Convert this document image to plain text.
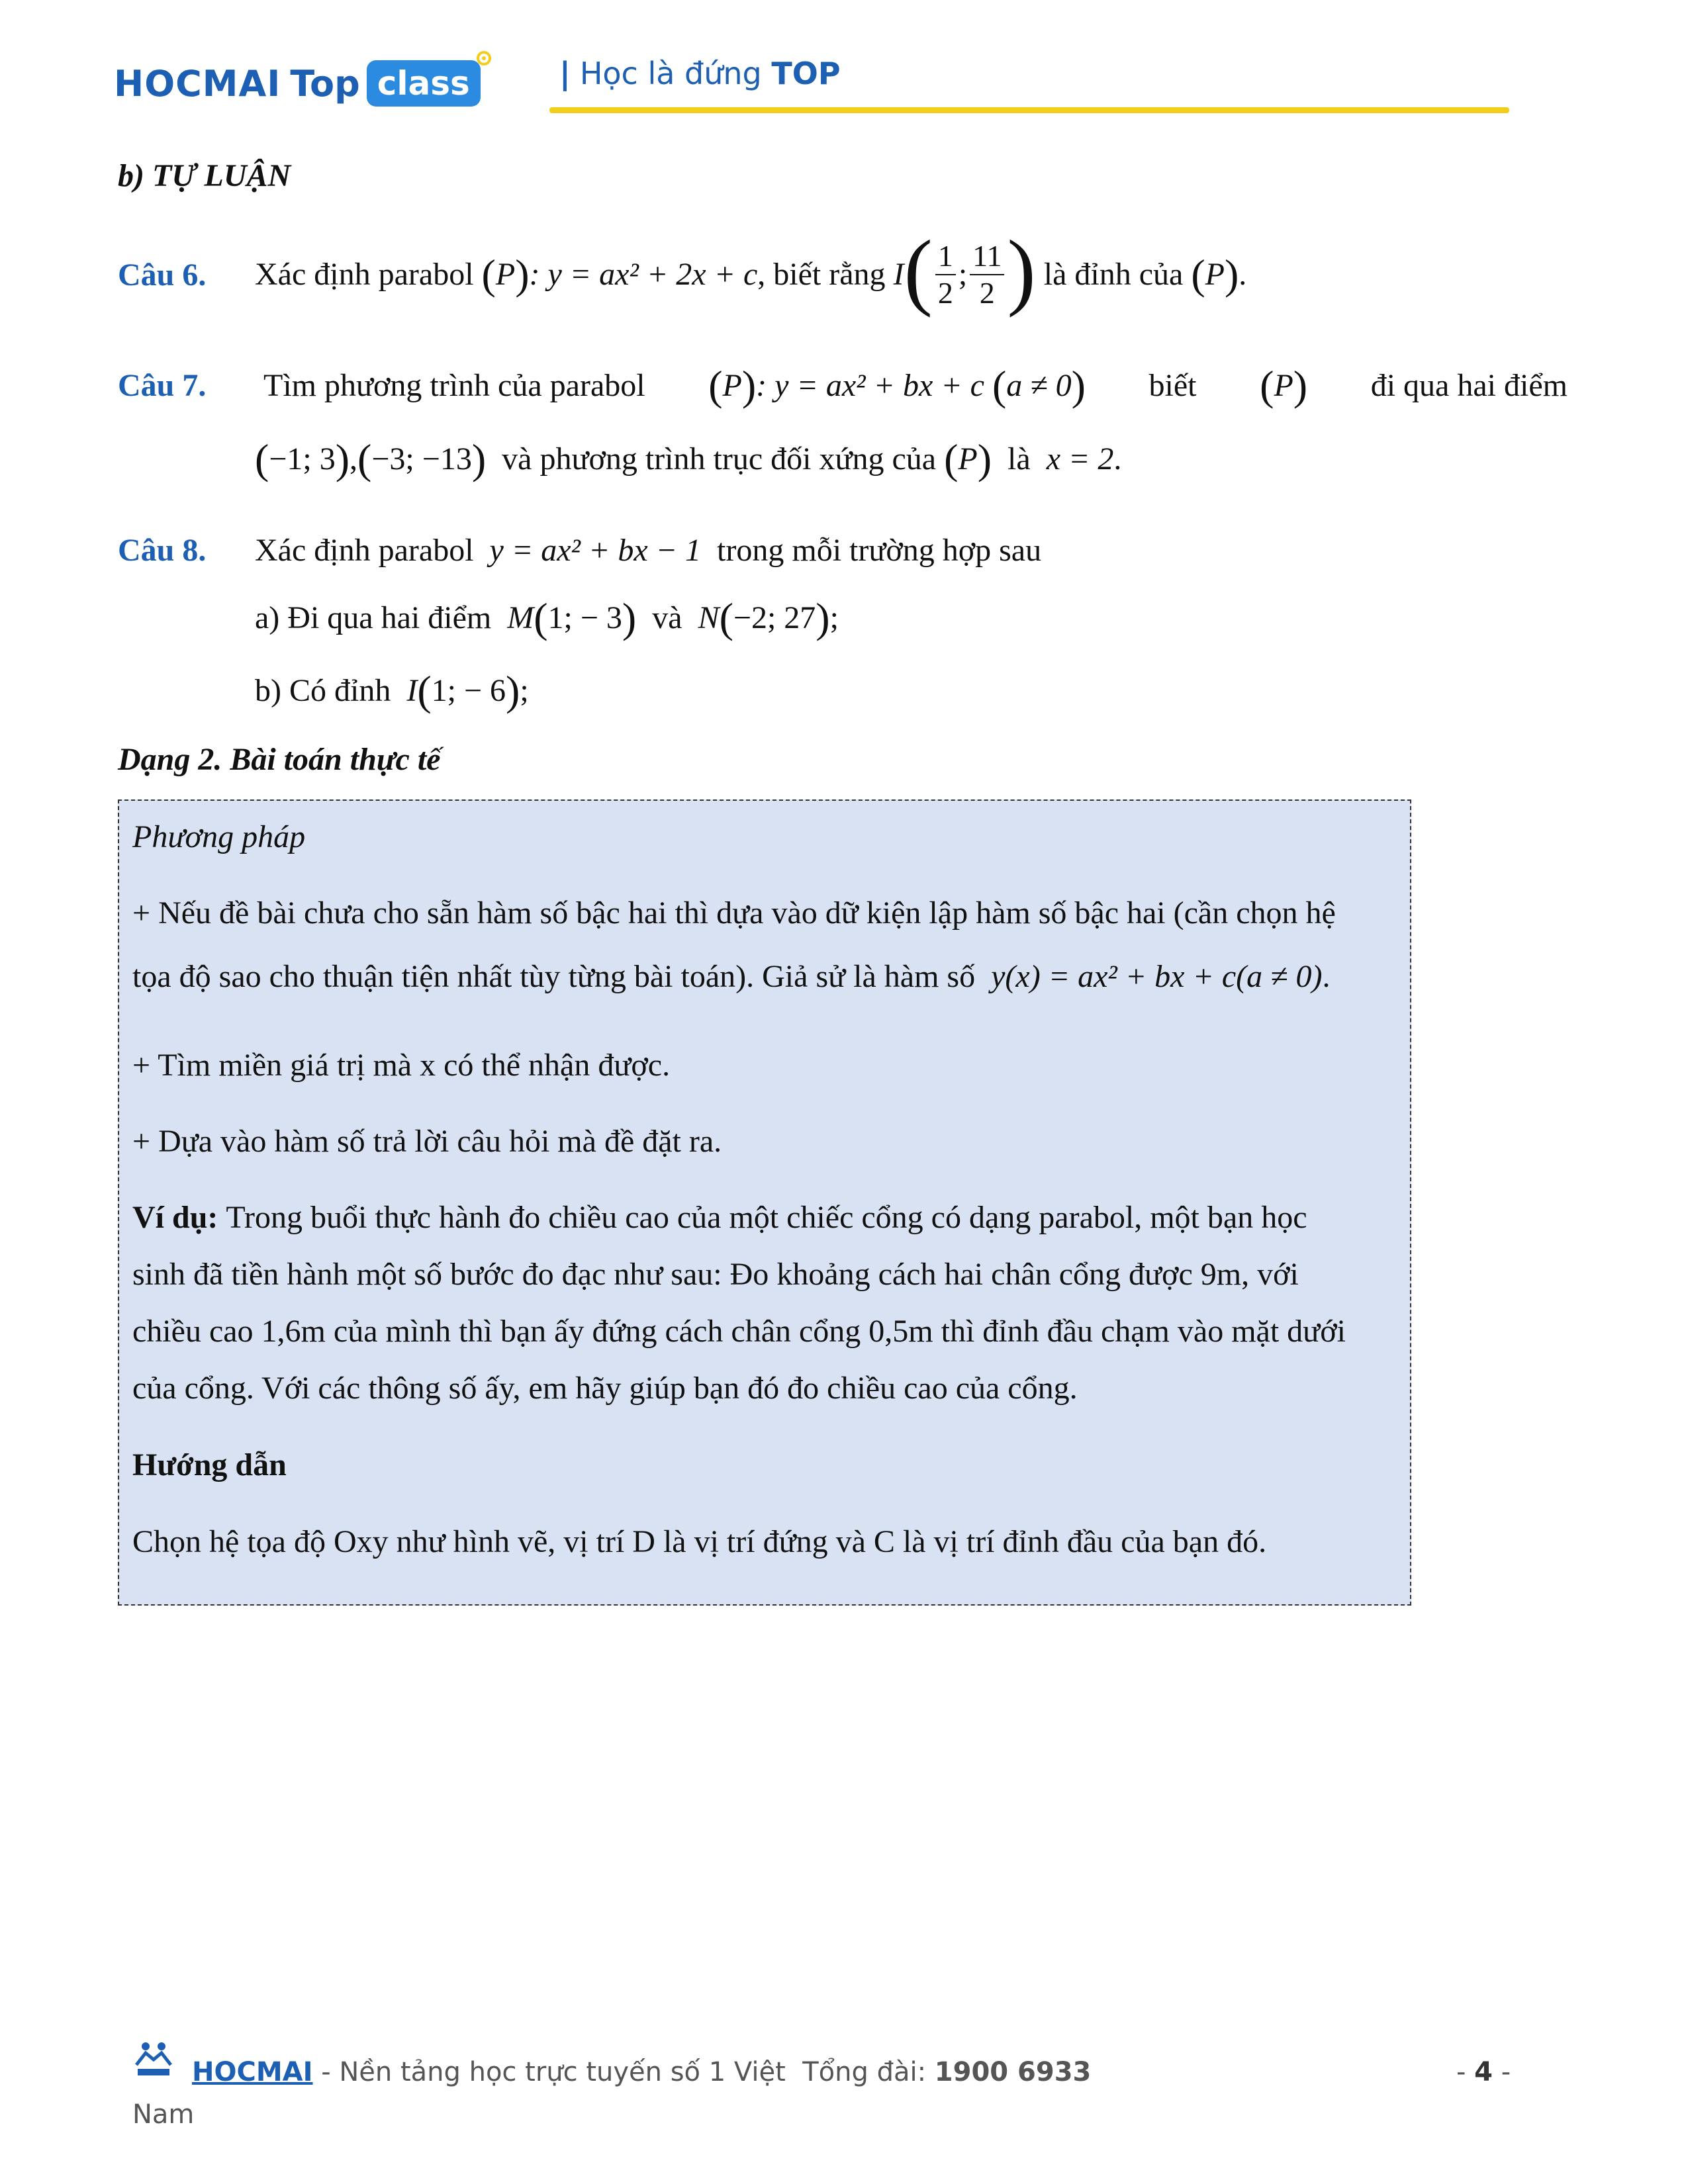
HOCMAI Top class	| Học là đứng TOP
b) TỰ LUẬN
Câu 6. Xác định parabol
( P ) : y = ax² + 2x + c , biết rằng
I ( $\frac{1}{2}$ ; $\frac{11}{2}$ )
là đỉnh của
( P ) .
Câu 7. Tìm phương trình của parabol (P): y = ax² + bx + c (a ≠ 0) biết (P) đi qua hai điểm
(−1; 3),(−3; −13) và phương trình trục đối xứng của (P) là x = 2.
Câu 8. Xác định parabol y = ax² + bx − 1 trong mỗi trường hợp sau
a) Đi qua hai điểm M(1; − 3) và N(−2; 27);
b) Có đỉnh I(1; − 6);
Dạng 2. Bài toán thực tế
Phương pháp
+ Nếu đề bài chưa cho sẵn hàm số bậc hai thì dựa vào dữ kiện lập hàm số bậc hai (cần chọn hệ
tọa độ sao cho thuận tiện nhất tùy từng bài toán). Giả sử là hàm số y(x) = ax² + bx + c(a ≠ 0).
+ Tìm miền giá trị mà x có thể nhận được.
+ Dựa vào hàm số trả lời câu hỏi mà đề đặt ra.
Ví dụ: Trong buổi thực hành đo chiều cao của một chiếc cổng có dạng parabol, một bạn học
sinh đã tiền hành một số bước đo đạc như sau: Đo khoảng cách hai chân cổng được 9m, với
chiều cao 1,6m của mình thì bạn ấy đứng cách chân cổng 0,5m thì đỉnh đầu chạm vào mặt dưới
của cổng. Với các thông số ấy, em hãy giúp bạn đó đo chiều cao của cổng.
Hướng dẫn
Chọn hệ tọa độ Oxy như hình vẽ, vị trí D là vị trí đứng và C là vị trí đỉnh đầu của bạn đó.
HOCMAI - Nền tảng học trực tuyến số 1 Việt Tổng đài: 1900 6933
Nam
- 4 -
